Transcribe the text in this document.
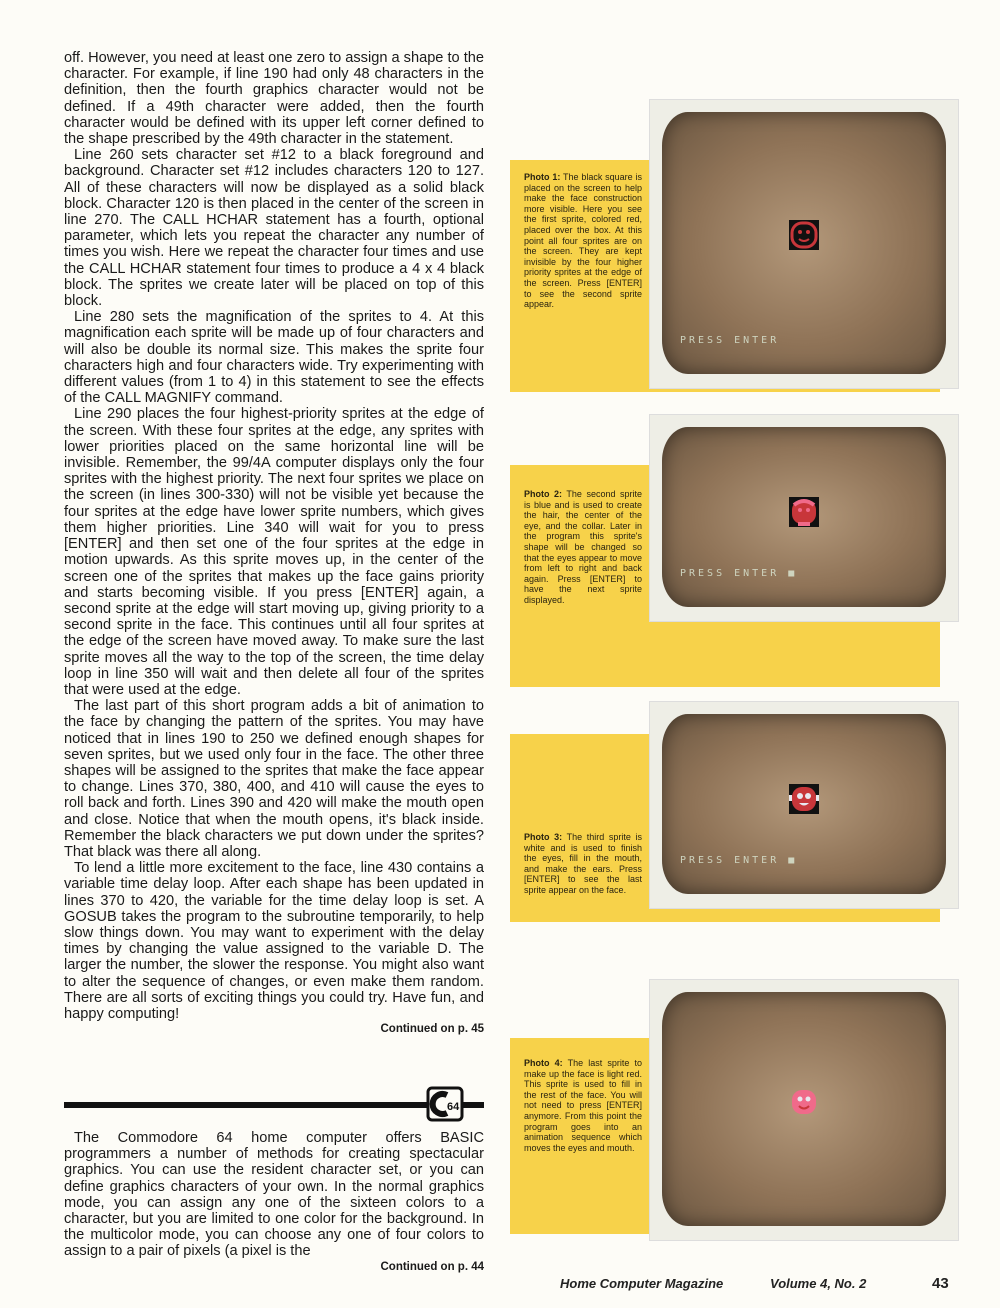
off. However, you need at least one zero to assign a shape to the character. For example, if line 190 had only 48 characters in the definition, then the fourth graphics character would not be defined. If a 49th character were added, then the fourth character would be defined with its upper left corner defined to the shape prescribed by the 49th character in the statement.

Line 260 sets character set #12 to a black foreground and background. Character set #12 includes characters 120 to 127. All of these characters will now be displayed as a solid black block. Character 120 is then placed in the center of the screen in line 270. The CALL HCHAR statement has a fourth, optional parameter, which lets you repeat the character any number of times you wish. Here we repeat the character four times and use the CALL HCHAR statement four times to produce a 4 x 4 black block. The sprites we create later will be placed on top of this block.

Line 280 sets the magnification of the sprites to 4. At this magnification each sprite will be made up of four characters and will also be double its normal size. This makes the sprite four characters high and four characters wide. Try experimenting with different values (from 1 to 4) in this statement to see the effects of the CALL MAGNIFY command.

Line 290 places the four highest-priority sprites at the edge of the screen. With these four sprites at the edge, any sprites with lower priorities placed on the same horizontal line will be invisible. Remember, the 99/4A computer displays only the four sprites with the highest priority. The next four sprites we place on the screen (in lines 300-330) will not be visible yet because the four sprites at the edge have lower sprite numbers, which gives them higher priorities. Line 340 will wait for you to press [ENTER] and then set one of the four sprites at the edge in motion upwards. As this sprite moves up, in the center of the screen one of the sprites that makes up the face gains priority and starts becoming visible. If you press [ENTER] again, a second sprite at the edge will start moving up, giving priority to a second sprite in the face. This continues until all four sprites at the edge of the screen have moved away. To make sure the last sprite moves all the way to the top of the screen, the time delay loop in line 350 will wait and then delete all four of the sprites that were used at the edge.

The last part of this short program adds a bit of animation to the face by changing the pattern of the sprites. You may have noticed that in lines 190 to 250 we defined enough shapes for seven sprites, but we used only four in the face. The other three shapes will be assigned to the sprites that make the face appear to change. Lines 370, 380, 400, and 410 will cause the eyes to roll back and forth. Lines 390 and 420 will make the mouth open and close. Notice that when the mouth opens, it's black inside. Remember the black characters we put down under the sprites? That black was there all along.

To lend a little more excitement to the face, line 430 contains a variable time delay loop. After each shape has been updated in lines 370 to 420, the variable for the time delay loop is set. A GOSUB takes the program to the subroutine temporarily, to help slow things down. You may want to experiment with the delay times by changing the value assigned to the variable D. The larger the number, the slower the response. You might also want to alter the sequence of changes, or even make them random. There are all sorts of exciting things you could try. Have fun, and happy computing!

Continued on p. 45

64

The Commodore 64 home computer offers BASIC programmers a number of methods for creating spectacular graphics. You can use the resident character set, or you can define graphics characters of your own. In the normal graphics mode, you can assign any one of the sixteen colors to a character, but you are limited to one color for the background. In the multicolor mode, you can choose any one of four colors to assign to a pair of pixels (a pixel is the

Continued on p. 44

PRESS ENTER
Photo 1: The black square is placed on the screen to help make the face construction more visible. Here you see the first sprite, colored red, placed over the box. At this point all four sprites are on the screen. They are kept invisible by the four higher priority sprites at the edge of the screen. Press [ENTER] to see the second sprite appear.
PRESS ENTER ■
Photo 2: The second sprite is blue and is used to create the hair, the center of the eye, and the collar. Later in the program this sprite's shape will be changed so that the eyes appear to move from left to right and back again. Press [ENTER] to have the next sprite displayed.
PRESS ENTER ■
Photo 3: The third sprite is white and is used to finish the eyes, fill in the mouth, and make the ears. Press [ENTER] to see the last sprite appear on the face.
Photo 4: The last sprite to make up the face is light red. This sprite is used to fill in the rest of the face. You will not need to press [ENTER] anymore. From this point the program goes into an animation sequence which moves the eyes and mouth.
Home Computer Magazine	Volume 4, No. 2	43
